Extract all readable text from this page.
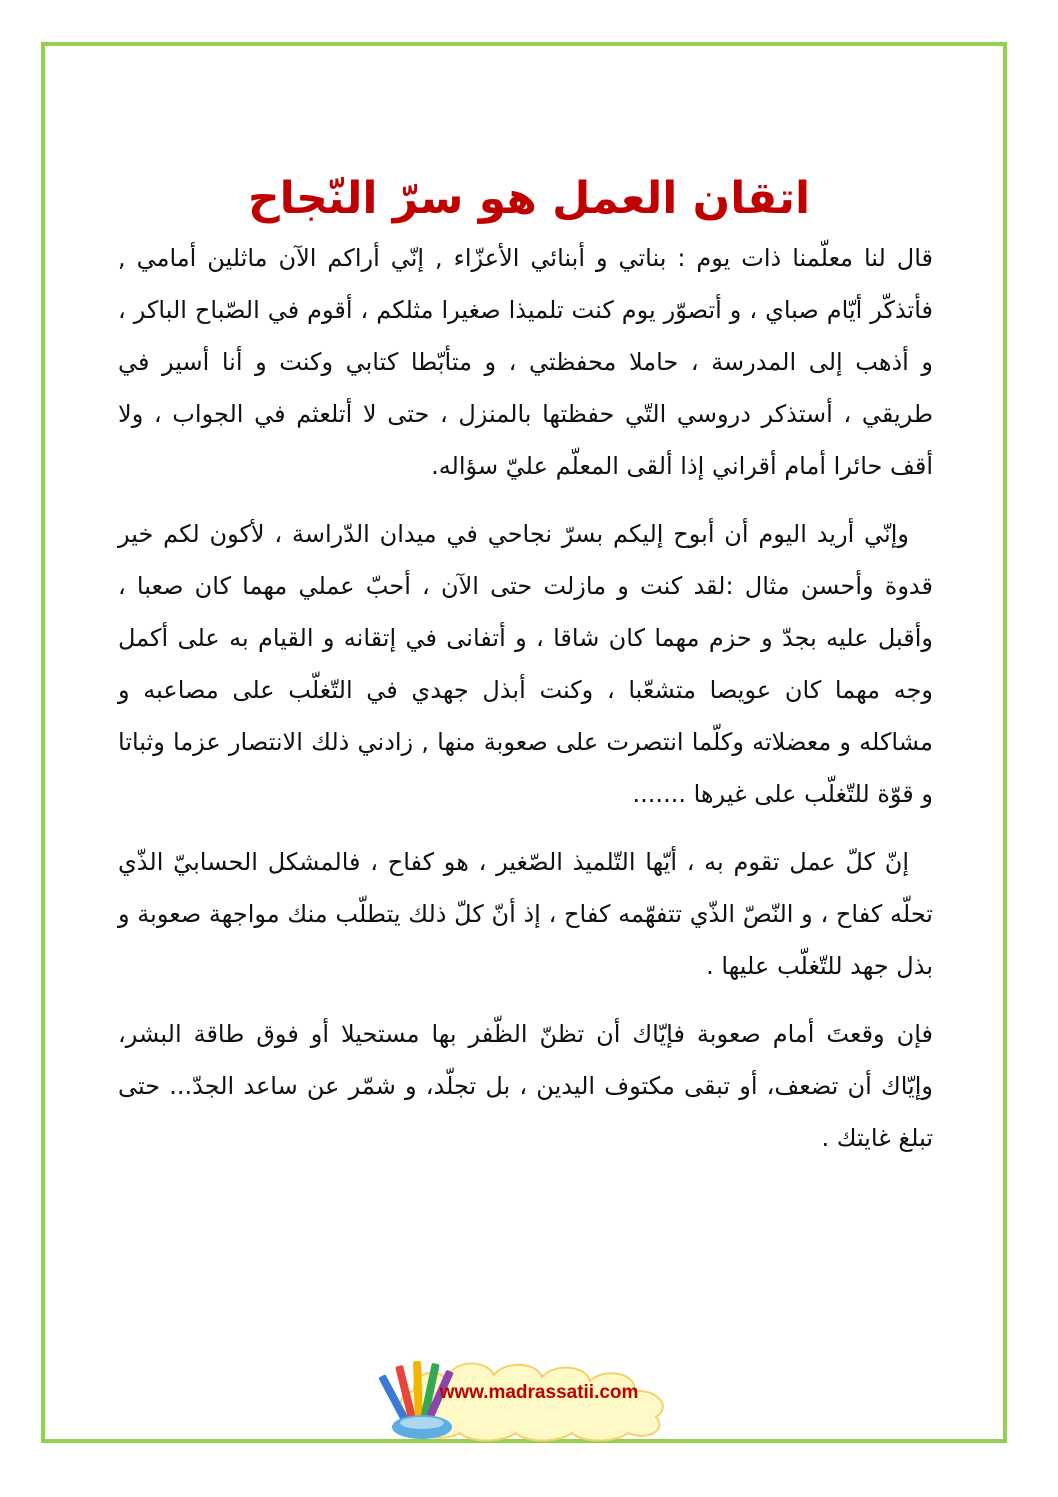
اتقان العمل هو سرّ النّجاح

قال لنا معلّمنا ذات يوم : بناتي و أبنائي الأعزّاء , إنّي أراكم الآن ماثلين أمامي , فأتذكّر أيّام صباي ، و أتصوّر يوم كنت تلميذا صغيرا مثلكم ، أقوم في الصّباح الباكر ، و أذهب إلى المدرسة ، حاملا محفظتي ، و متأبّطا كتابي وكنت و أنا أسير في طريقي ، أستذكر دروسي التّي حفظتها بالمنزل ، حتى لا أتلعثم في الجواب ، ولا أقف حائرا أمام أقراني إذا ألقى المعلّم عليّ سؤاله.

وإنّي أريد اليوم أن أبوح إليكم بسرّ نجاحي في ميدان الدّراسة ، لأكون لكم خير قدوة وأحسن مثال :لقد كنت و مازلت حتى الآن ، أحبّ عملي مهما كان صعبا ، وأقبل عليه بجدّ و حزم مهما كان شاقا ، و أتفانى في إتقانه و القيام به على أكمل وجه مهما كان عويصا متشعّبا ، وكنت أبذل جهدي في التّغلّب على مصاعبه و مشاكله و معضلاته وكلّما انتصرت على صعوبة منها , زادني ذلك الانتصار عزما وثباتا و قوّة للتّغلّب على غيرها .......

إنّ كلّ عمل تقوم به ، أيّها التّلميذ الصّغير ، هو كفاح ، فالمشكل الحسابيّ الذّي تحلّه كفاح ، و النّصّ الذّي تتفهّمه كفاح ، إذ أنّ كلّ ذلك يتطلّب منك مواجهة صعوبة و بذل جهد للتّغلّب عليها .

فإن وقعتَ أمام صعوبة فإيّاك أن تظنّ الظّفر بها مستحيلا أو فوق طاقة البشر، وإيّاك أن تضعف، أو تبقى مكتوف اليدين ، بل تجلّد، و شمّر عن ساعد الجدّ... حتى تبلغ غايتك .

www.madrassatii.com
